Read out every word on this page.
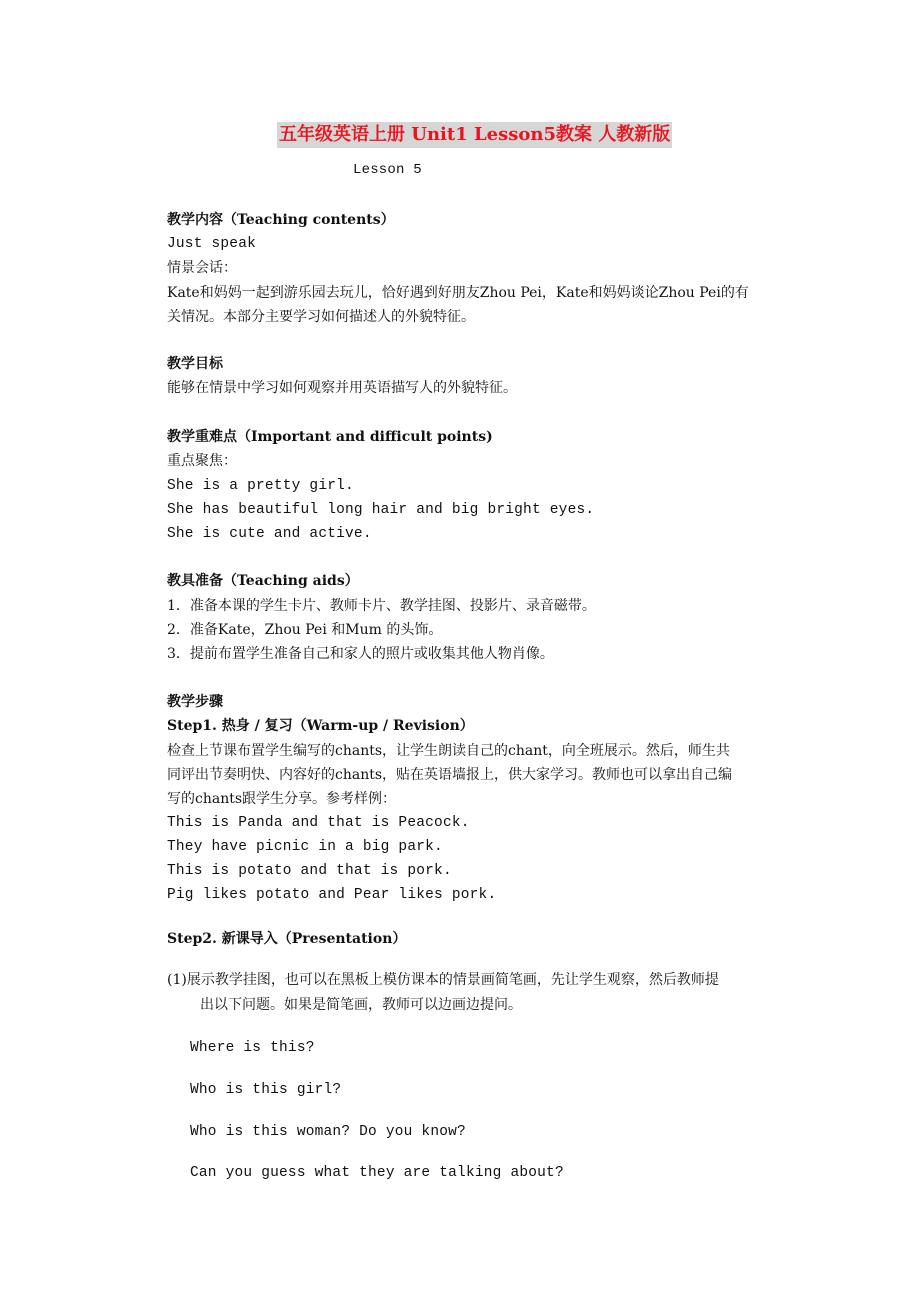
五年级英语上册 Unit1 Lesson5教案 人教新版
Lesson 5
教学内容（Teaching contents）
Just speak
情景会话：
Kate和妈妈一起到游乐园去玩儿，恰好遇到好朋友Zhou Pei，Kate和妈妈谈论Zhou Pei的有
关情况。本部分主要学习如何描述人的外貌特征。
教学目标
能够在情景中学习如何观察并用英语描写人的外貌特征。
教学重难点（Important and difficult points)
重点聚焦：
She is a pretty girl.
She has beautiful long hair and big bright eyes.
She is cute and active.
教具准备（Teaching aids）
1．准备本课的学生卡片、教师卡片、教学挂图、投影片、录音磁带。
2．准备Kate，Zhou Pei 和Mum 的头饰。
3．提前布置学生准备自己和家人的照片或收集其他人物肖像。
教学步骤
Step1. 热身 / 复习（Warm-up / Revision）
检查上节课布置学生编写的chants，让学生朗读自己的chant，向全班展示。然后，师生共
同评出节奏明快、内容好的chants，贴在英语墙报上，供大家学习。教师也可以拿出自己编
写的chants跟学生分享。参考样例：
This is Panda and that is Peacock.
They have picnic in a big park.
This is potato and that is pork.
Pig likes potato and Pear likes pork.
Step2. 新课导入（Presentation）
(1)展示教学挂图，也可以在黑板上模仿课本的情景画简笔画，先让学生观察，然后教师提
出以下问题。如果是简笔画，教师可以边画边提问。
Where is this?
Who is this girl?
Who is this woman? Do you know?
Can you guess what they are talking about?
